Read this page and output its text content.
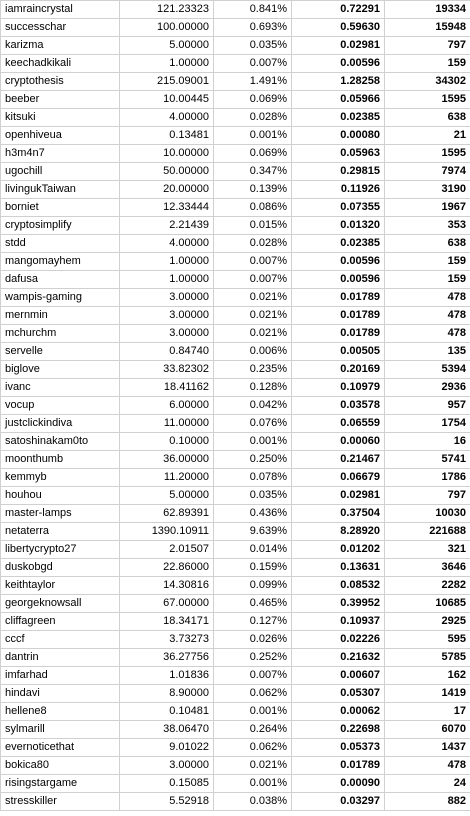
iamraincrystal	121.23323	0.841%	0.72291	19334
successchar	100.00000	0.693%	0.59630	15948
karizma	5.00000	0.035%	0.02981	797
keechadkikali	1.00000	0.007%	0.00596	159
cryptothesis	215.09001	1.491%	1.28258	34302
beeber	10.00445	0.069%	0.05966	1595
kitsuki	4.00000	0.028%	0.02385	638
openhiveua	0.13481	0.001%	0.00080	21
h3m4n7	10.00000	0.069%	0.05963	1595
ugochill	50.00000	0.347%	0.29815	7974
livingukTaiwan	20.00000	0.139%	0.11926	3190
borniet	12.33444	0.086%	0.07355	1967
cryptosimplify	2.21439	0.015%	0.01320	353
stdd	4.00000	0.028%	0.02385	638
mangomayhem	1.00000	0.007%	0.00596	159
dafusa	1.00000	0.007%	0.00596	159
wampis-gaming	3.00000	0.021%	0.01789	478
mernmin	3.00000	0.021%	0.01789	478
mchurchm	3.00000	0.021%	0.01789	478
servelle	0.84740	0.006%	0.00505	135
biglove	33.82302	0.235%	0.20169	5394
ivanc	18.41162	0.128%	0.10979	2936
vocup	6.00000	0.042%	0.03578	957
justclickindiva	11.00000	0.076%	0.06559	1754
satoshinakam0to	0.10000	0.001%	0.00060	16
moonthumb	36.00000	0.250%	0.21467	5741
kemmyb	11.20000	0.078%	0.06679	1786
houhou	5.00000	0.035%	0.02981	797
master-lamps	62.89391	0.436%	0.37504	10030
netaterra	1390.10911	9.639%	8.28920	221688
libertycrypto27	2.01507	0.014%	0.01202	321
duskobgd	22.86000	0.159%	0.13631	3646
keithtaylor	14.30816	0.099%	0.08532	2282
georgeknowsall	67.00000	0.465%	0.39952	10685
cliffagreen	18.34171	0.127%	0.10937	2925
cccf	3.73273	0.026%	0.02226	595
dantrin	36.27756	0.252%	0.21632	5785
imfarhad	1.01836	0.007%	0.00607	162
hindavi	8.90000	0.062%	0.05307	1419
hellene8	0.10481	0.001%	0.00062	17
sylmarill	38.06470	0.264%	0.22698	6070
evernoticethat	9.01022	0.062%	0.05373	1437
bokica80	3.00000	0.021%	0.01789	478
risingstargame	0.15085	0.001%	0.00090	24
stresskiller	5.52918	0.038%	0.03297	882
